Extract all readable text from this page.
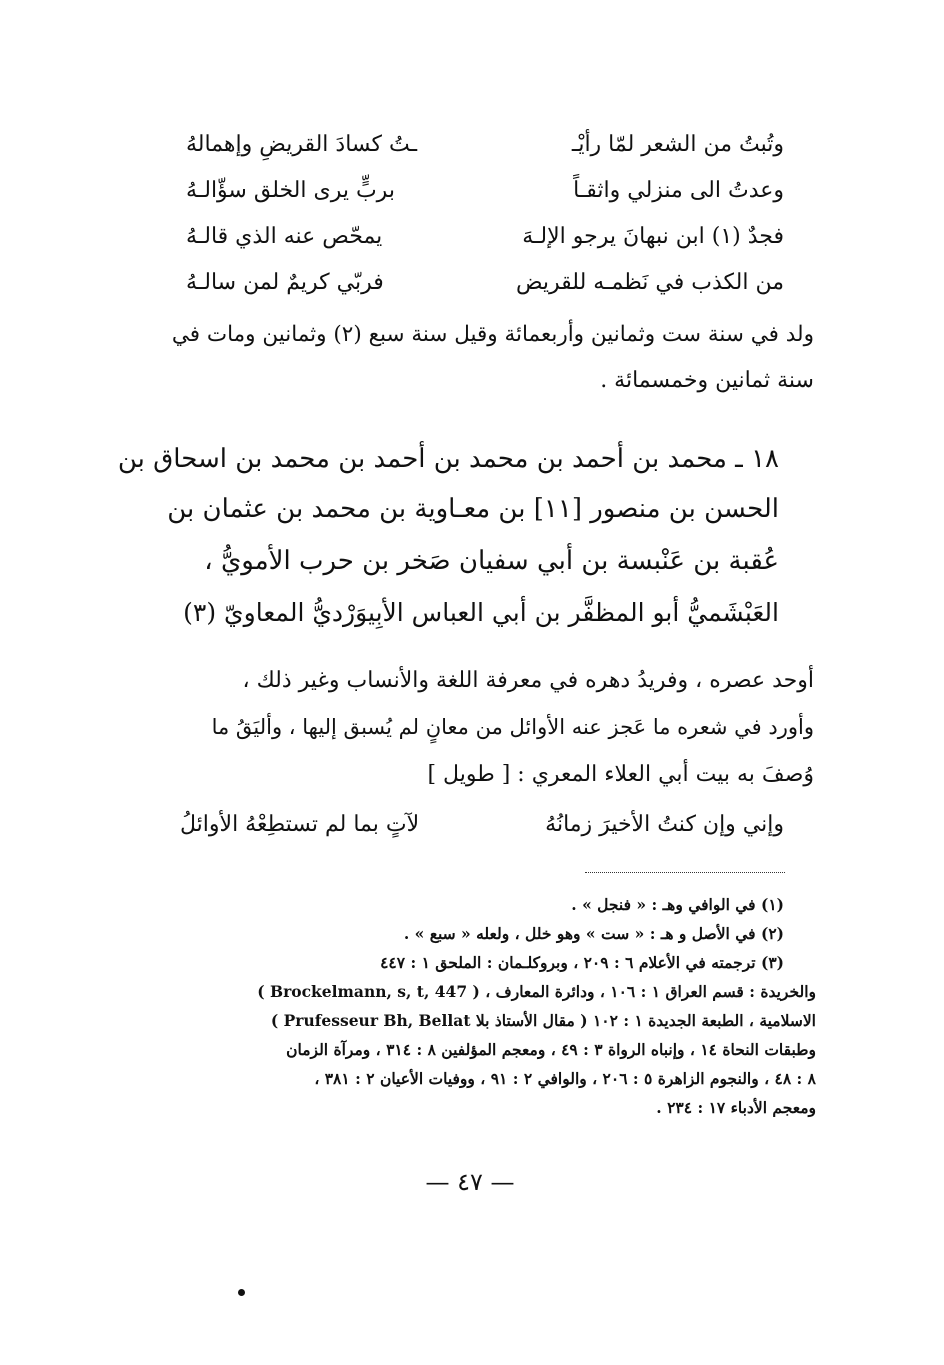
وتُبتُ من الشعر لمّا رأيْـ
ـتُ كسادَ القريضِ وإهمالهُ
وعدتُ الى منزلي واثقـاً
بربٍّ يرى الخلق سؤّالـهُ
فجدٌ (١) ابن نبهانَ يرجو الإلـهَ
يمحّص عنه الذي قالـهُ
من الكذب في نَظمـه للقريض
فربّي كريمٌ لمن سالـهُ
ولد في سنة ست وثمانين وأربعمائة وقيل سنة سبع (٢) وثمانين ومات في
سنة ثمانين وخمسمائة .
١٨ ـ محمد بن أحمد بن محمد بن أحمد بن محمد بن اسحاق بن
الحسن بن منصور [١١] بن معـاوية بن محمد بن عثمان بن
عُقبة بن عَنْبسة بن أبي سفيان صَخر بن حرب الأمويُّ ،
العَبْشَميُّ أبو المظفَّر بن أبي العباس الأبِيوَرْديُّ المعاويّ (٣)
أوحد عصره ، وفريدُ دهره في معرفة اللغة والأنساب وغير ذلك ،
وأورد في شعره ما عَجز عنه الأوائل من معانٍ لم يُسبق إليها ، وأليَقُ ما
وُصفَ به بيت أبي العلاء المعري : [ طويل ]
وإني وإن كنتُ الأخيرَ زمانُهُ
لآتٍ بما لم تستطِعْهُ الأوائلُ
(١) في الوافي وهـ : « فنجل » .
(٢) في الأصل و هـ : « ست » وهو خلل ، ولعله « سبع » .
(٣) ترجمته في الأعلام ٦ : ٢٠٩ ، وبروكلـمان : الملحق ١ : ٤٤٧
( Brockelmann, s, t, 447 ) ، والخريدة : قسم العراق ١ : ١٠٦ ، ودائرة المعارف
الاسلامية ، الطبعة الجديدة ١ : ١٠٢ ( مقال الأستاذ بلا Prufesseur Bh, Bellat )
وطبقات النحاة ١٤ ، وإنباه الرواة ٣ : ٤٩ ، ومعجم المؤلفين ٨ : ٣١٤ ، ومرآة الزمان
٨ : ٤٨ ، والنجوم الزاهرة ٥ : ٢٠٦ ، والوافي ٢ : ٩١ ، ووفيات الأعيان ٢ : ٣٨١ ،
ومعجم الأدباء ١٧ : ٢٣٤ .
— ٤٧ —
